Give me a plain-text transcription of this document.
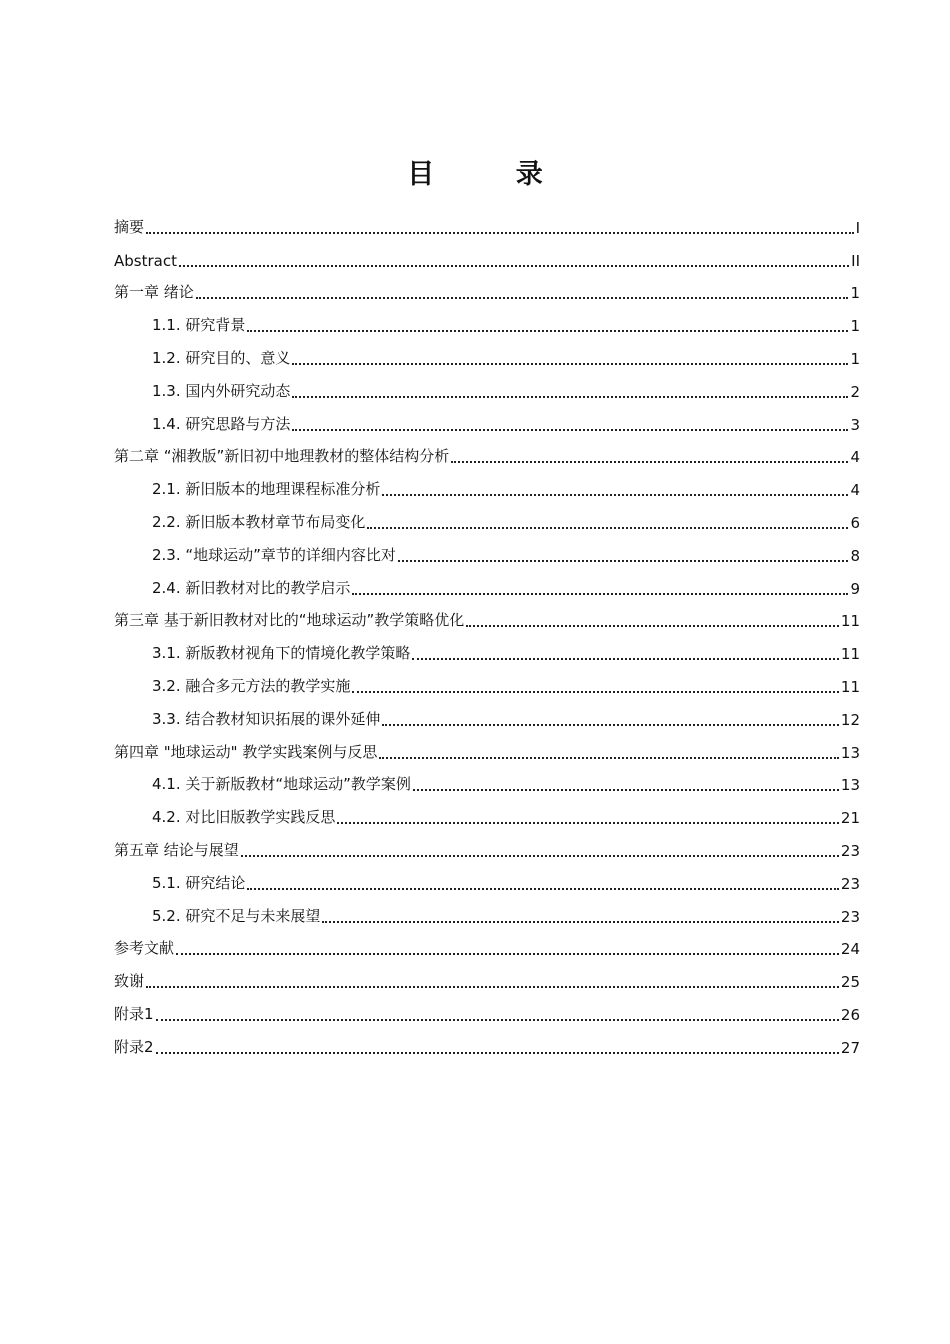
目 录
摘要	I
Abstract	II
第一章 绪论	1
1.1. 研究背景	1
1.2. 研究目的、意义	1
1.3. 国内外研究动态	2
1.4. 研究思路与方法	3
第二章 “湘教版”新旧初中地理教材的整体结构分析	4
2.1. 新旧版本的地理课程标准分析	4
2.2. 新旧版本教材章节布局变化	6
2.3. “地球运动”章节的详细内容比对	8
2.4. 新旧教材对比的教学启示	9
第三章 基于新旧教材对比的“地球运动”教学策略优化	11
3.1. 新版教材视角下的情境化教学策略	11
3.2. 融合多元方法的教学实施	11
3.3. 结合教材知识拓展的课外延伸	12
第四章 "地球运动" 教学实践案例与反思	13
4.1. 关于新版教材“地球运动”教学案例	13
4.2. 对比旧版教学实践反思	21
第五章 结论与展望	23
5.1. 研究结论	23
5.2. 研究不足与未来展望	23
参考文献	24
致谢	25
附录1	26
附录2	27
